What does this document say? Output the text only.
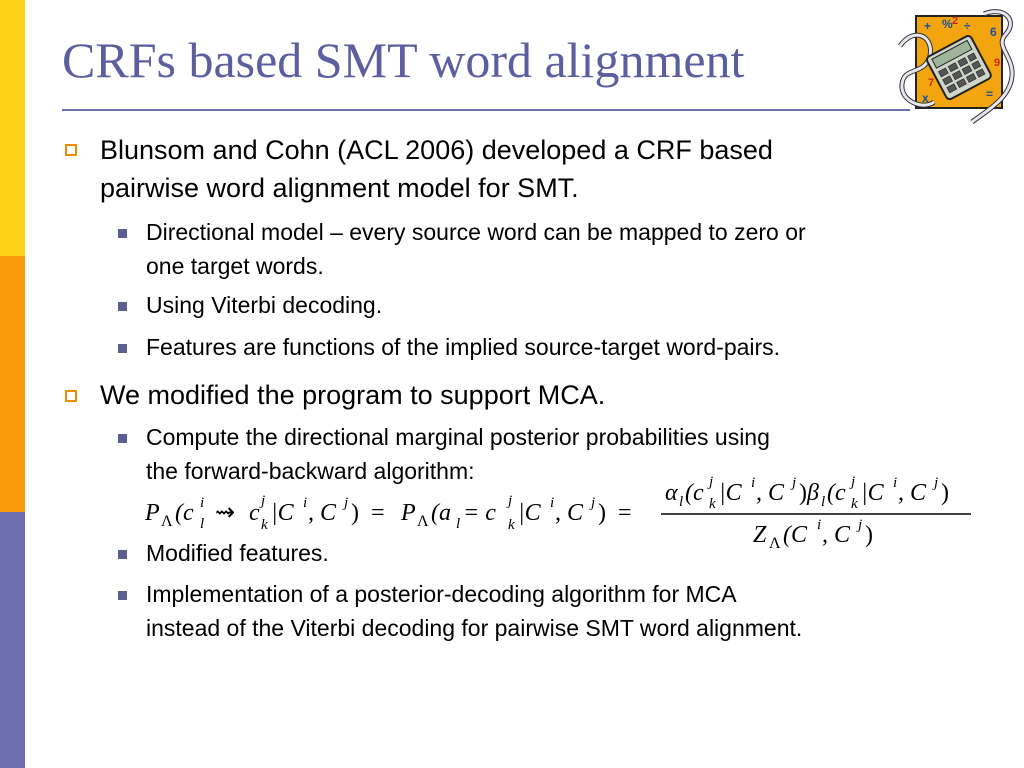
CRFs based SMT word alignment
+ %
6
x	=
÷
2
9
7
Blunsom and Cohn (ACL 2006) developed a CRF based
pairwise word alignment model for SMT.
Directional model – every source word can be mapped to zero or
one target words.
Using Viterbi decoding.
Features are functions of the implied source-target word-pairs.
We modified the program to support MCA.
Compute the directional marginal posterior probabilities using
the forward-backward algorithm:
P Λ (c i
l ⇝ c j
k |C i , C j ) = P Λ (a l = c j
k |C i , C j ) =
α l (c j
k |C i , C j ) β l (c j
k |C i , C j )
Z Λ (C i , C j )
Modified features.
Implementation of a posterior-decoding algorithm for MCA
instead of the Viterbi decoding for pairwise SMT word alignment.
